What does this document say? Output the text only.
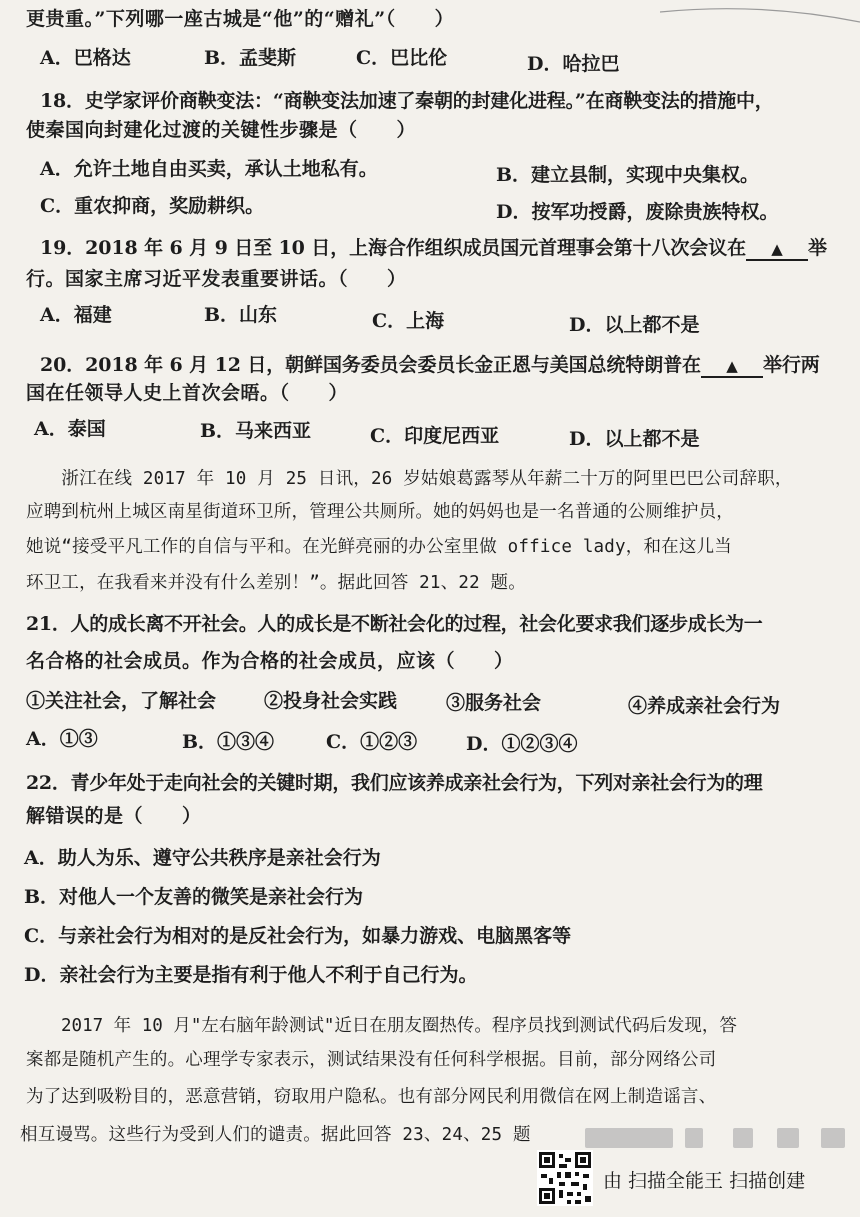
更贵重。”下列哪一座古城是“他”的“赠礼”（　　）
A．巴格达	B．孟斐斯	C．巴比伦	D．哈拉巴
18．史学家评价商鞅变法：“商鞅变法加速了秦朝的封建化进程。”在商鞅变法的措施中，
使秦国向封建化过渡的关键性步骤是（　　）
A．允许土地自由买卖，承认土地私有。	B．建立县制，实现中央集权。
C．重农抑商，奖励耕织。	D．按军功授爵，废除贵族特权。
19．2018 年 6 月 9 日至 10 日，上海合作组织成员国元首理事会第十八次会议在 ▲ 举
行。国家主席习近平发表重要讲话。（　　）
A．福建	B．山东	C．上海	D．以上都不是
20．2018 年 6 月 12 日，朝鲜国务委员会委员长金正恩与美国总统特朗普在 ▲ 举行两
国在任领导人史上首次会晤。（　　）
A．泰国	B．马来西亚	C．印度尼西亚	D．以上都不是
　　浙江在线 2017 年 10 月 25 日讯，26 岁姑娘葛露琴从年薪二十万的阿里巴巴公司辞职，
应聘到杭州上城区南星街道环卫所，管理公共厕所。她的妈妈也是一名普通的公厕维护员，
她说“接受平凡工作的自信与平和。在光鲜亮丽的办公室里做 office lady，和在这儿当
环卫工，在我看来并没有什么差别！”。据此回答 21、22 题。
21．人的成长离不开社会。人的成长是不断社会化的过程，社会化要求我们逐步成长为一
名合格的社会成员。作为合格的社会成员，应该（　　）
①关注社会，了解社会	②投身社会实践	③服务社会	④养成亲社会行为
A．①③	B．①③④	C．①②③	D．①②③④
22．青少年处于走向社会的关键时期，我们应该养成亲社会行为，下列对亲社会行为的理
解错误的是（　　）
A．助人为乐、遵守公共秩序是亲社会行为
B．对他人一个友善的微笑是亲社会行为
C．与亲社会行为相对的是反社会行为，如暴力游戏、电脑黑客等
D．亲社会行为主要是指有利于他人不利于自己行为。
　　2017 年 10 月"左右脑年龄测试"近日在朋友圈热传。程序员找到测试代码后发现，答
案都是随机产生的。心理学专家表示，测试结果没有任何科学根据。目前，部分网络公司
为了达到吸粉目的，恶意营销，窃取用户隐私。也有部分网民利用微信在网上制造谣言、
相互谩骂。这些行为受到人们的谴责。据此回答 23、24、25 题
由 扫描全能王 扫描创建
